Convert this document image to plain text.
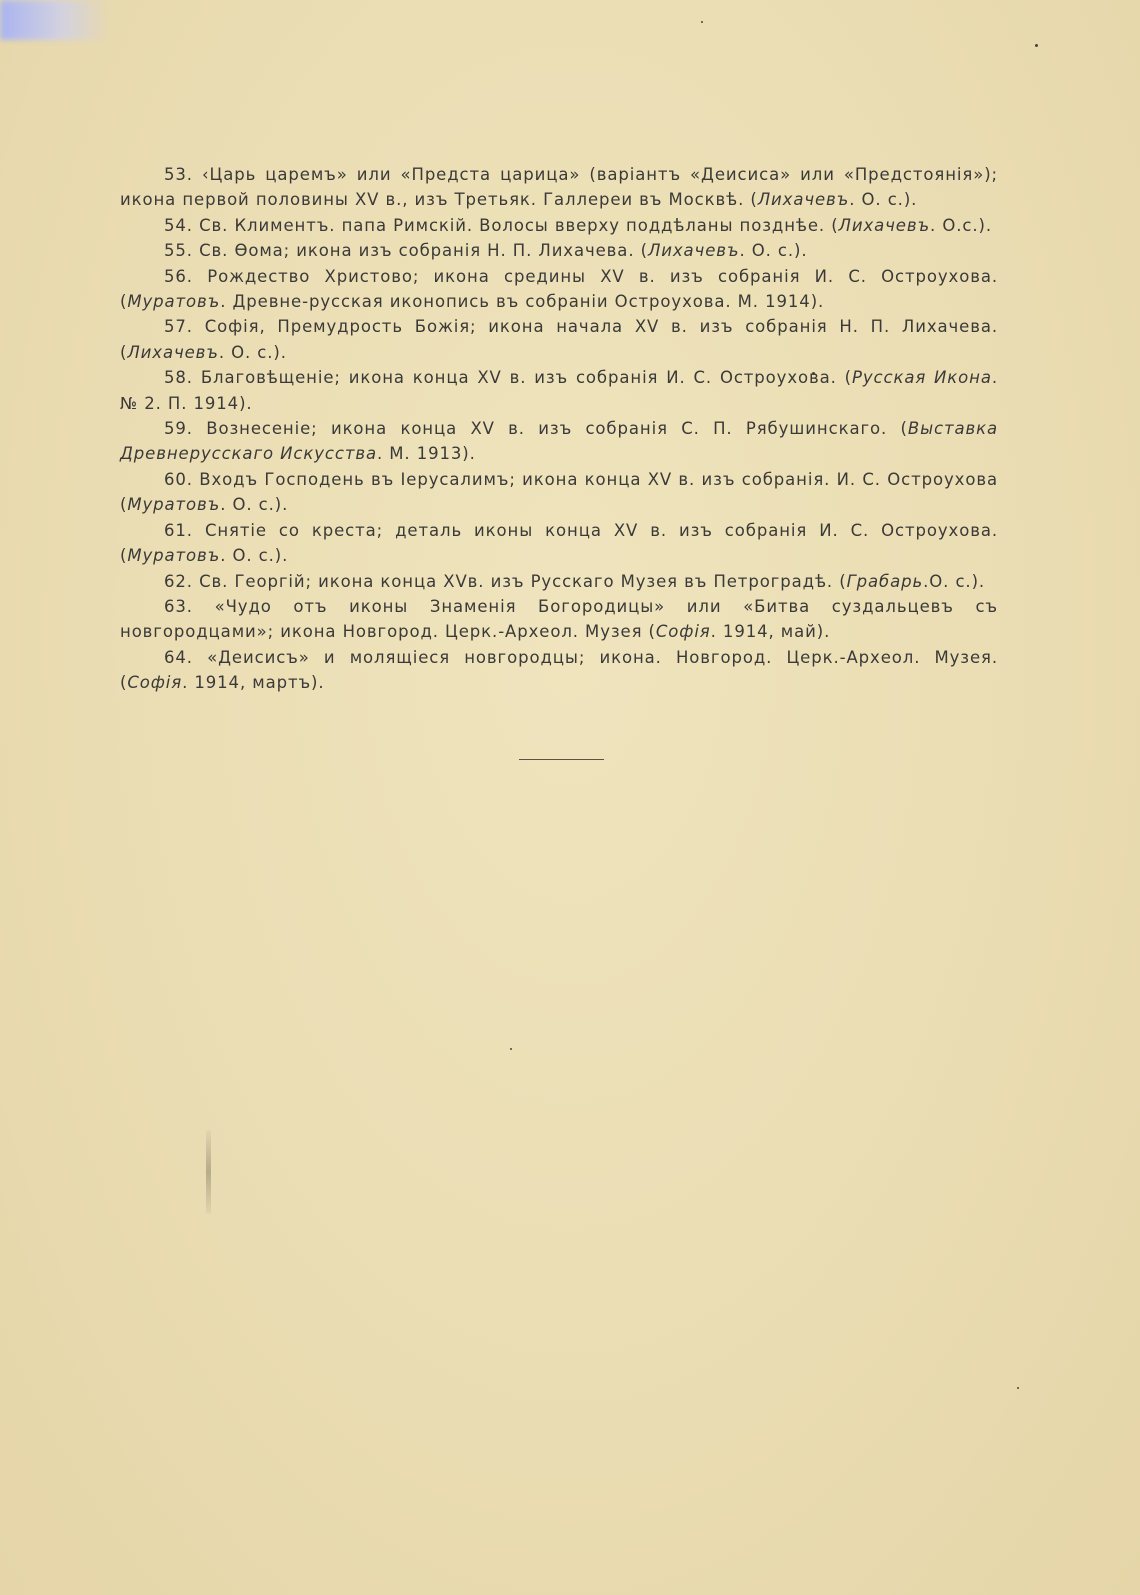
53. ‹Царь царемъ» или «Предста царица» (варіантъ «Деисиса» или «Предстоянія»); икона первой половины XV в., изъ Третьяк. Галлереи въ Москвѣ. (Лихачевъ. О. с.).

54. Св. Климентъ. папа Римскій. Волосы вверху поддѣланы позднѣе. (Лихачевъ. О.с.).

55. Св. Ѳома; икона изъ собранія Н. П. Лихачева. (Лихачевъ. О. с.).

56. Рождество Христово; икона средины XV в. изъ собранія И. С. Остроухова. (Муратовъ. Древне-русская иконопись въ собраніи Остроухова. М. 1914).

57. Софія, Премудрость Божія; икона начала XV в. изъ собранія Н. П. Лихачева. (Лихачевъ. О. с.).

58. Благовѣщеніе; икона конца XV в. изъ собранія И. С. Остроухова. (Русская Икона. № 2. П. 1914).

59. Вознесеніе; икона конца XV в. изъ собранія С. П. Рябушинскаго. (Выставка Древнерусскаго Искусства. М. 1913).

60. Входъ Господень въ Іерусалимъ; икона конца XV в. изъ собранія. И. С. Остроухова (Муратовъ. О. с.).

61. Снятіе со креста; деталь иконы конца XV в. изъ собранія И. С. Остроухова. (Муратовъ. О. с.).

62. Св. Георгій; икона конца XVв. изъ Русскаго Музея въ Петроградѣ. (Грабарь.О. с.).

63. «Чудо отъ иконы Знаменія Богородицы» или «Битва суздальцевъ съ новгородцами»; икона Новгород. Церк.-Археол. Музея (Софія. 1914, май).

64. «Деисисъ» и молящіеся новгородцы; икона. Новгород. Церк.-Археол. Музея. (Софія. 1914, мартъ).
